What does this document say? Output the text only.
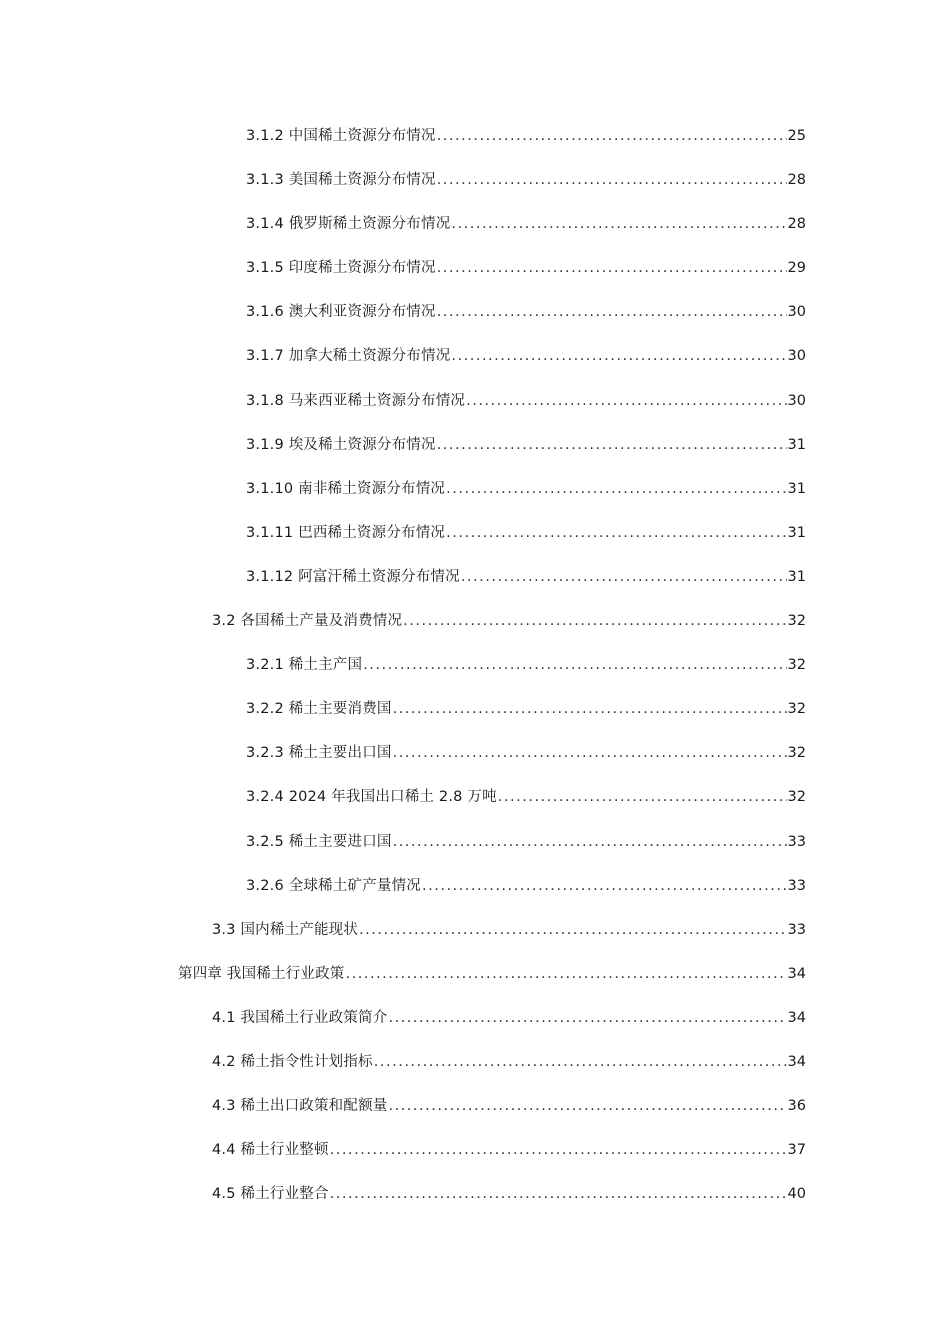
3.1.2 中国稀土资源分布情况 .....	25
3.1.3 美国稀土资源分布情况 .....	28
3.1.4 俄罗斯稀土资源分布情况 .....	28
3.1.5 印度稀土资源分布情况 .....	29
3.1.6 澳大利亚资源分布情况 .....	30
3.1.7 加拿大稀土资源分布情况 .....	30
3.1.8 马来西亚稀土资源分布情况 .....	30
3.1.9 埃及稀土资源分布情况 .....	31
3.1.10 南非稀土资源分布情况 .....	31
3.1.11 巴西稀土资源分布情况 .....	31
3.1.12 阿富汗稀土资源分布情况 .....	31
3.2 各国稀土产量及消费情况 .....	32
3.2.1 稀土主产国 .....	32
3.2.2 稀土主要消费国 .....	32
3.2.3 稀土主要出口国 .....	32
3.2.4 2024 年我国出口稀土 2.8 万吨 .....	32
3.2.5 稀土主要进口国 .....	33
3.2.6 全球稀土矿产量情况 .....	33
3.3 国内稀土产能现状 .....	33
第四章 我国稀土行业政策 .....	34
4.1 我国稀土行业政策简介 .....	34
4.2 稀土指令性计划指标 .....	34
4.3 稀土出口政策和配额量 .....	36
4.4 稀土行业整顿 .....	37
4.5 稀土行业整合 .....	40
